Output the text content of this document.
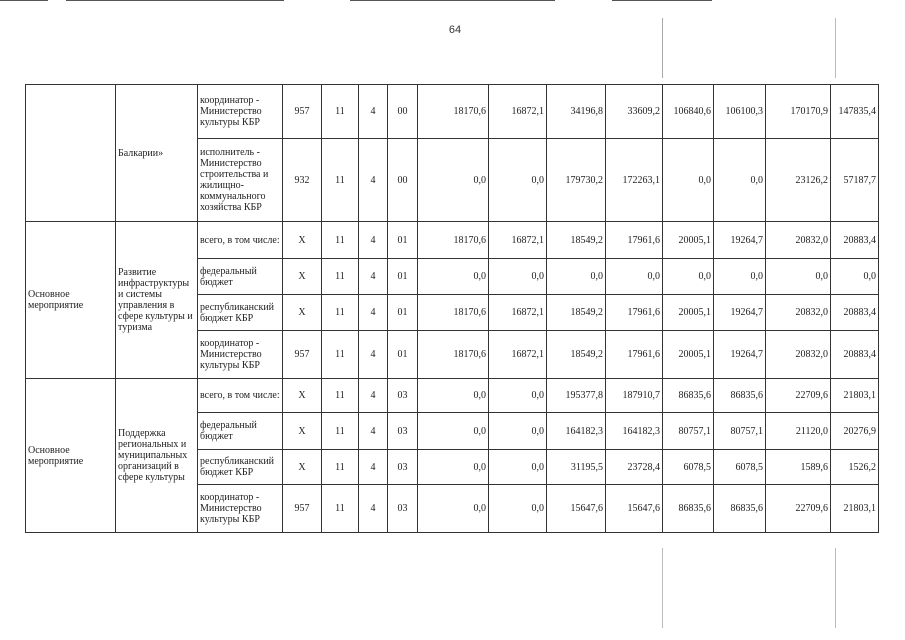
64
	Балкарии»	координатор - Министерство культуры КБР	957	11	4	00	18170,6	16872,1	34196,8	33609,2	106840,6	106100,3	170170,9	147835,4
		исполнитель - Министерство строительства и жилищно-коммунального хозяйства КБР	932	11	4	00	0,0	0,0	179730,2	172263,1	0,0	0,0	23126,2	57187,7
Основное мероприятие	Развитие инфраструктуры и системы управления в сфере культуры и туризма	всего, в том числе:	X	11	4	01	18170,6	16872,1	18549,2	17961,6	20005,1	19264,7	20832,0	20883,4
		федеральный бюджет	X	11	4	01	0,0	0,0	0,0	0,0	0,0	0,0	0,0	0,0
		республиканский бюджет КБР	X	11	4	01	18170,6	16872,1	18549,2	17961,6	20005,1	19264,7	20832,0	20883,4
		координатор - Министерство культуры КБР	957	11	4	01	18170,6	16872,1	18549,2	17961,6	20005,1	19264,7	20832,0	20883,4
Основное мероприятие	Поддержка региональных и муниципальных организаций в сфере культуры	всего, в том числе:	X	11	4	03	0,0	0,0	195377,8	187910,7	86835,6	86835,6	22709,6	21803,1
		федеральный бюджет	X	11	4	03	0,0	0,0	164182,3	164182,3	80757,1	80757,1	21120,0	20276,9
		республиканский бюджет КБР	X	11	4	03	0,0	0,0	31195,5	23728,4	6078,5	6078,5	1589,6	1526,2
		координатор - Министерство культуры КБР	957	11	4	03	0,0	0,0	15647,6	15647,6	86835,6	86835,6	22709,6	21803,1
